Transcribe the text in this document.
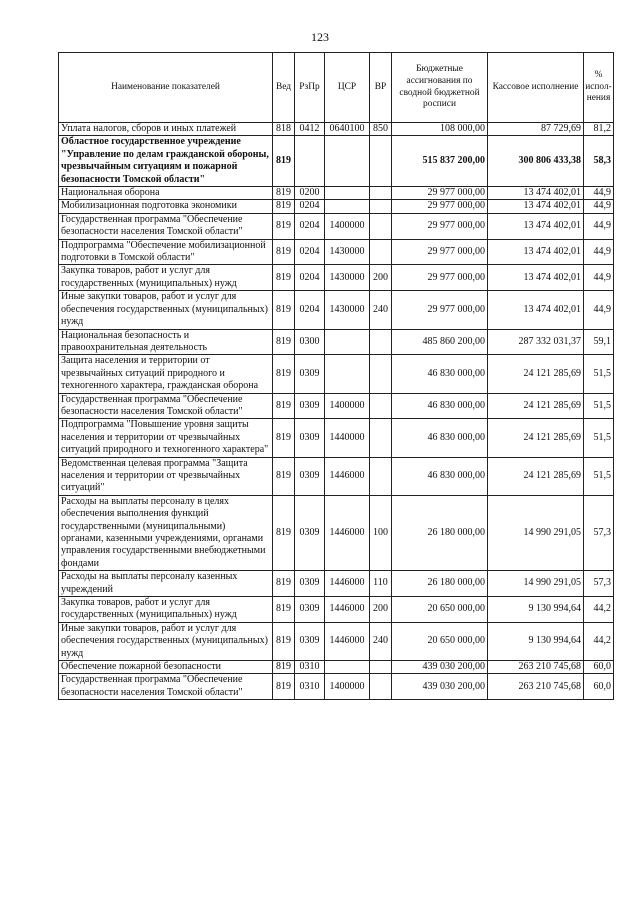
123
Наименование показателей	Вед	РзПр	ЦСР	ВР	Бюджетные ассигнования по сводной бюджетной росписи	Кассовое исполнение	% испол-нения
Уплата налогов, сборов и иных платежей	818	0412	0640100	850	108 000,00	87 729,69	81,2
Областное государственное учреждение "Управление по делам гражданской обороны, чрезвычайным ситуациям и пожарной безопасности Томской области"	819				515 837 200,00	300 806 433,38	58,3
Национальная оборона	819	0200			29 977 000,00	13 474 402,01	44,9
Мобилизационная подготовка экономики	819	0204			29 977 000,00	13 474 402,01	44,9
Государственная программа "Обеспечение безопасности населения Томской области"	819	0204	1400000		29 977 000,00	13 474 402,01	44,9
Подпрограмма "Обеспечение мобилизационной подготовки в Томской области"	819	0204	1430000		29 977 000,00	13 474 402,01	44,9
Закупка товаров, работ и услуг для государственных (муниципальных) нужд	819	0204	1430000	200	29 977 000,00	13 474 402,01	44,9
Иные закупки товаров, работ и услуг для обеспечения государственных (муниципальных) нужд	819	0204	1430000	240	29 977 000,00	13 474 402,01	44,9
Национальная безопасность и правоохранительная деятельность	819	0300			485 860 200,00	287 332 031,37	59,1
Защита населения и территории от чрезвычайных ситуаций природного и техногенного характера, гражданская оборона	819	0309			46 830 000,00	24 121 285,69	51,5
Государственная программа "Обеспечение безопасности населения Томской области"	819	0309	1400000		46 830 000,00	24 121 285,69	51,5
Подпрограмма "Повышение уровня защиты населения и территории от чрезвычайных ситуаций природного и техногенного характера"	819	0309	1440000		46 830 000,00	24 121 285,69	51,5
Ведомственная целевая программа "Защита населения и территории от чрезвычайных ситуаций"	819	0309	1446000		46 830 000,00	24 121 285,69	51,5
Расходы на выплаты персоналу в целях обеспечения выполнения функций государственными (муниципальными) органами, казенными учреждениями, органами управления государственными внебюджетными фондами	819	0309	1446000	100	26 180 000,00	14 990 291,05	57,3
Расходы на выплаты персоналу казенных учреждений	819	0309	1446000	110	26 180 000,00	14 990 291,05	57,3
Закупка товаров, работ и услуг для государственных (муниципальных) нужд	819	0309	1446000	200	20 650 000,00	9 130 994,64	44,2
Иные закупки товаров, работ и услуг для обеспечения государственных (муниципальных) нужд	819	0309	1446000	240	20 650 000,00	9 130 994,64	44,2
Обеспечение пожарной безопасности	819	0310			439 030 200,00	263 210 745,68	60,0
Государственная программа "Обеспечение безопасности населения Томской области"	819	0310	1400000		439 030 200,00	263 210 745,68	60,0
